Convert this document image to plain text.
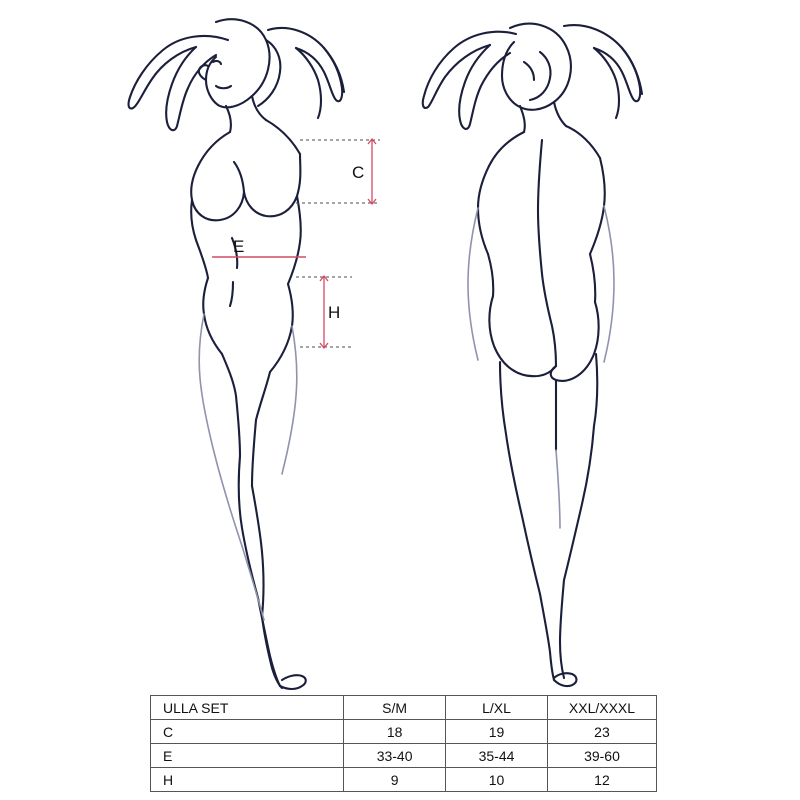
C
E
H
ULLA SET	S/M	L/XL	XXL/XXXL
C	18	19	23
E	33-40	35-44	39-60
H	9	10	12
